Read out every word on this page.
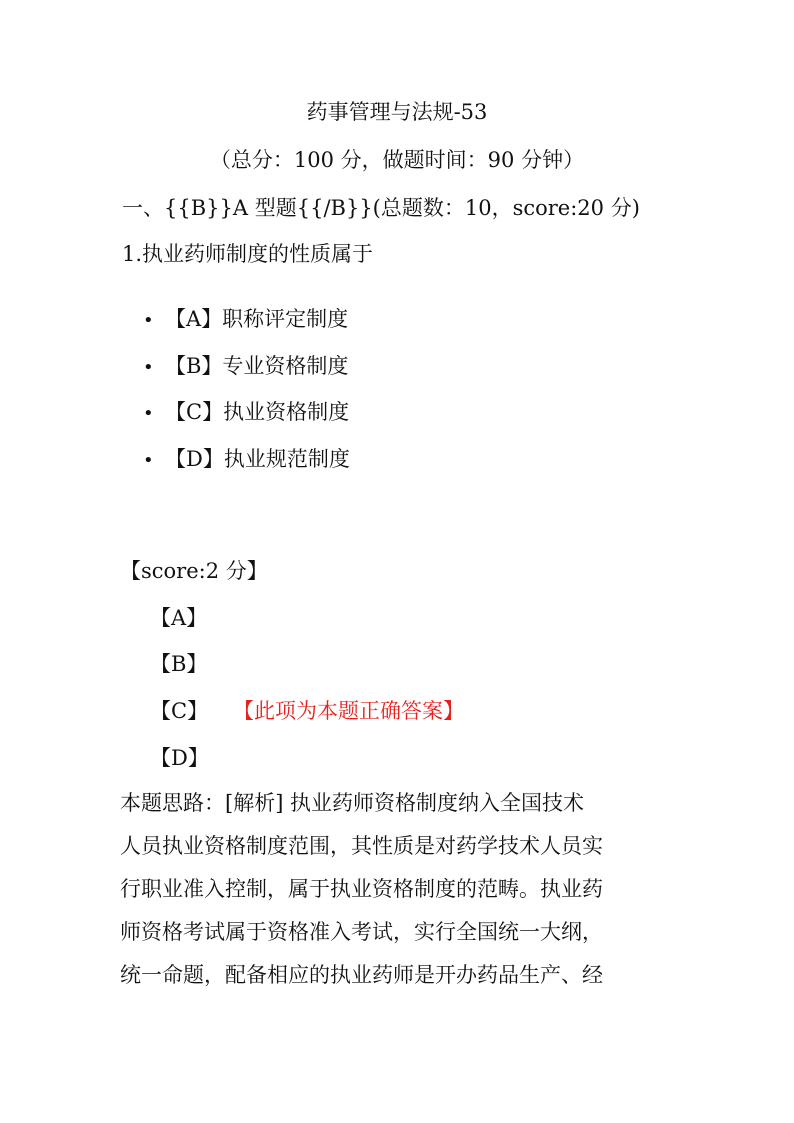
药事管理与法规-53
（总分：100 分，做题时间：90 分钟）
一、{{B}}A 型题{{/B}}(总题数：10，score:20 分)
1.执业药师制度的性质属于
• 【A】职称评定制度
• 【B】专业资格制度
• 【C】执业资格制度
• 【D】执业规范制度
【score:2 分】
【A】
【B】
【C】 【此项为本题正确答案】
【D】
本题思路：[解析] 执业药师资格制度纳入全国技术
人员执业资格制度范围，其性质是对药学技术人员实
行职业准入控制，属于执业资格制度的范畴。执业药
师资格考试属于资格准入考试，实行全国统一大纲，
统一命题，配备相应的执业药师是开办药品生产、经
